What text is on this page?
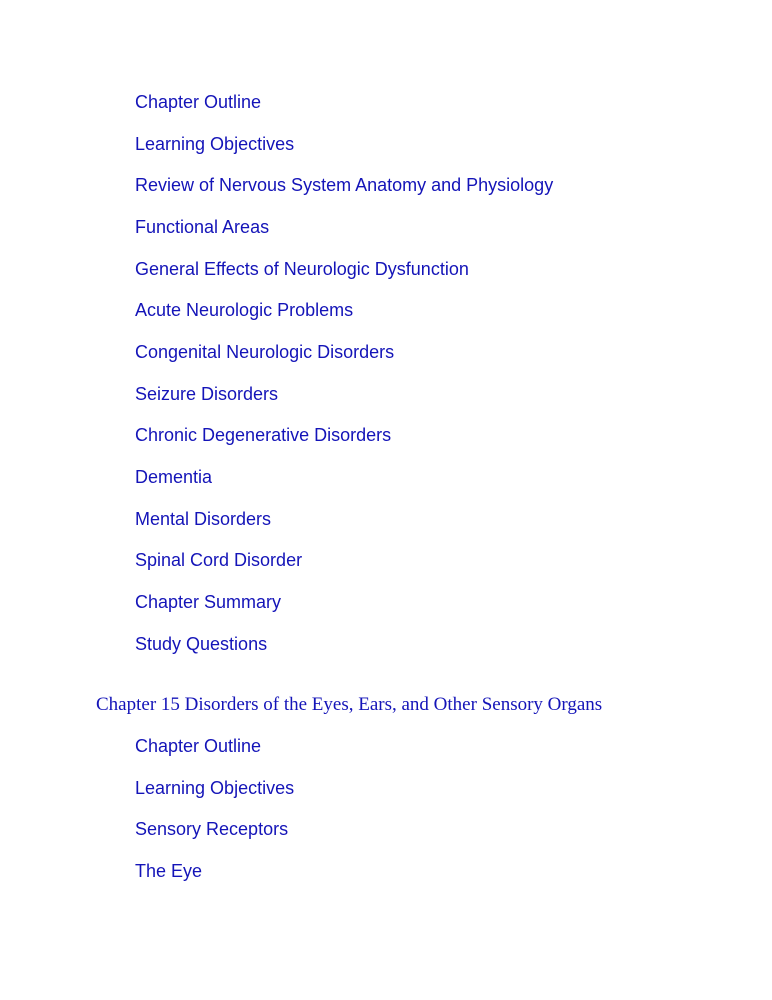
Chapter Outline
Learning Objectives
Review of Nervous System Anatomy and Physiology
Functional Areas
General Effects of Neurologic Dysfunction
Acute Neurologic Problems
Congenital Neurologic Disorders
Seizure Disorders
Chronic Degenerative Disorders
Dementia
Mental Disorders
Spinal Cord Disorder
Chapter Summary
Study Questions
Chapter 15 Disorders of the Eyes, Ears, and Other Sensory Organs
Chapter Outline
Learning Objectives
Sensory Receptors
The Eye
